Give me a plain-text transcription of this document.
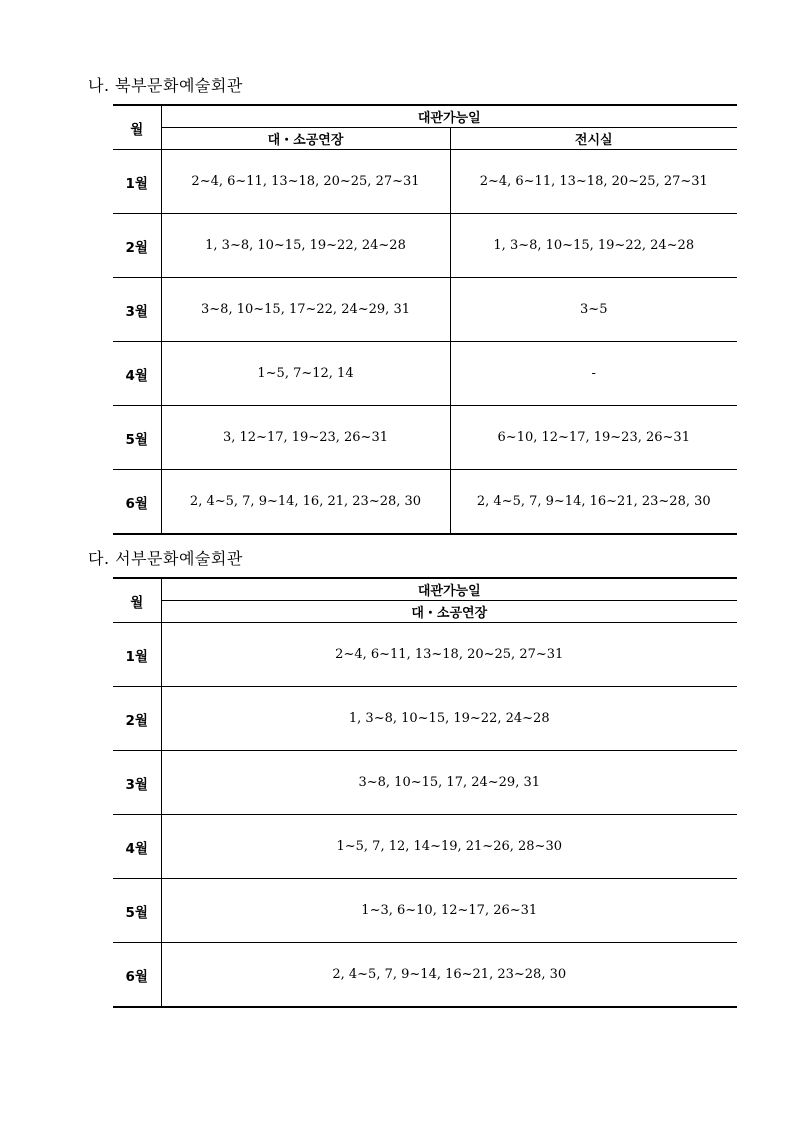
나. 북부문화예술회관
월	대관가능일	
	대・소공연장	전시실
1월	2~4, 6~11, 13~18, 20~25, 27~31	2~4, 6~11, 13~18, 20~25, 27~31
2월	1, 3~8, 10~15, 19~22, 24~28	1, 3~8, 10~15, 19~22, 24~28
3월	3~8, 10~15, 17~22, 24~29, 31	3~5
4월	1~5, 7~12, 14	-
5월	3, 12~17, 19~23, 26~31	6~10, 12~17, 19~23, 26~31
6월	2, 4~5, 7, 9~14, 16, 21, 23~28, 30	2, 4~5, 7, 9~14, 16~21, 23~28, 30
다. 서부문화예술회관
월	대관가능일
	대・소공연장
1월	2~4, 6~11, 13~18, 20~25, 27~31
2월	1, 3~8, 10~15, 19~22, 24~28
3월	3~8, 10~15, 17, 24~29, 31
4월	1~5, 7, 12, 14~19, 21~26, 28~30
5월	1~3, 6~10, 12~17, 26~31
6월	2, 4~5, 7, 9~14, 16~21, 23~28, 30
